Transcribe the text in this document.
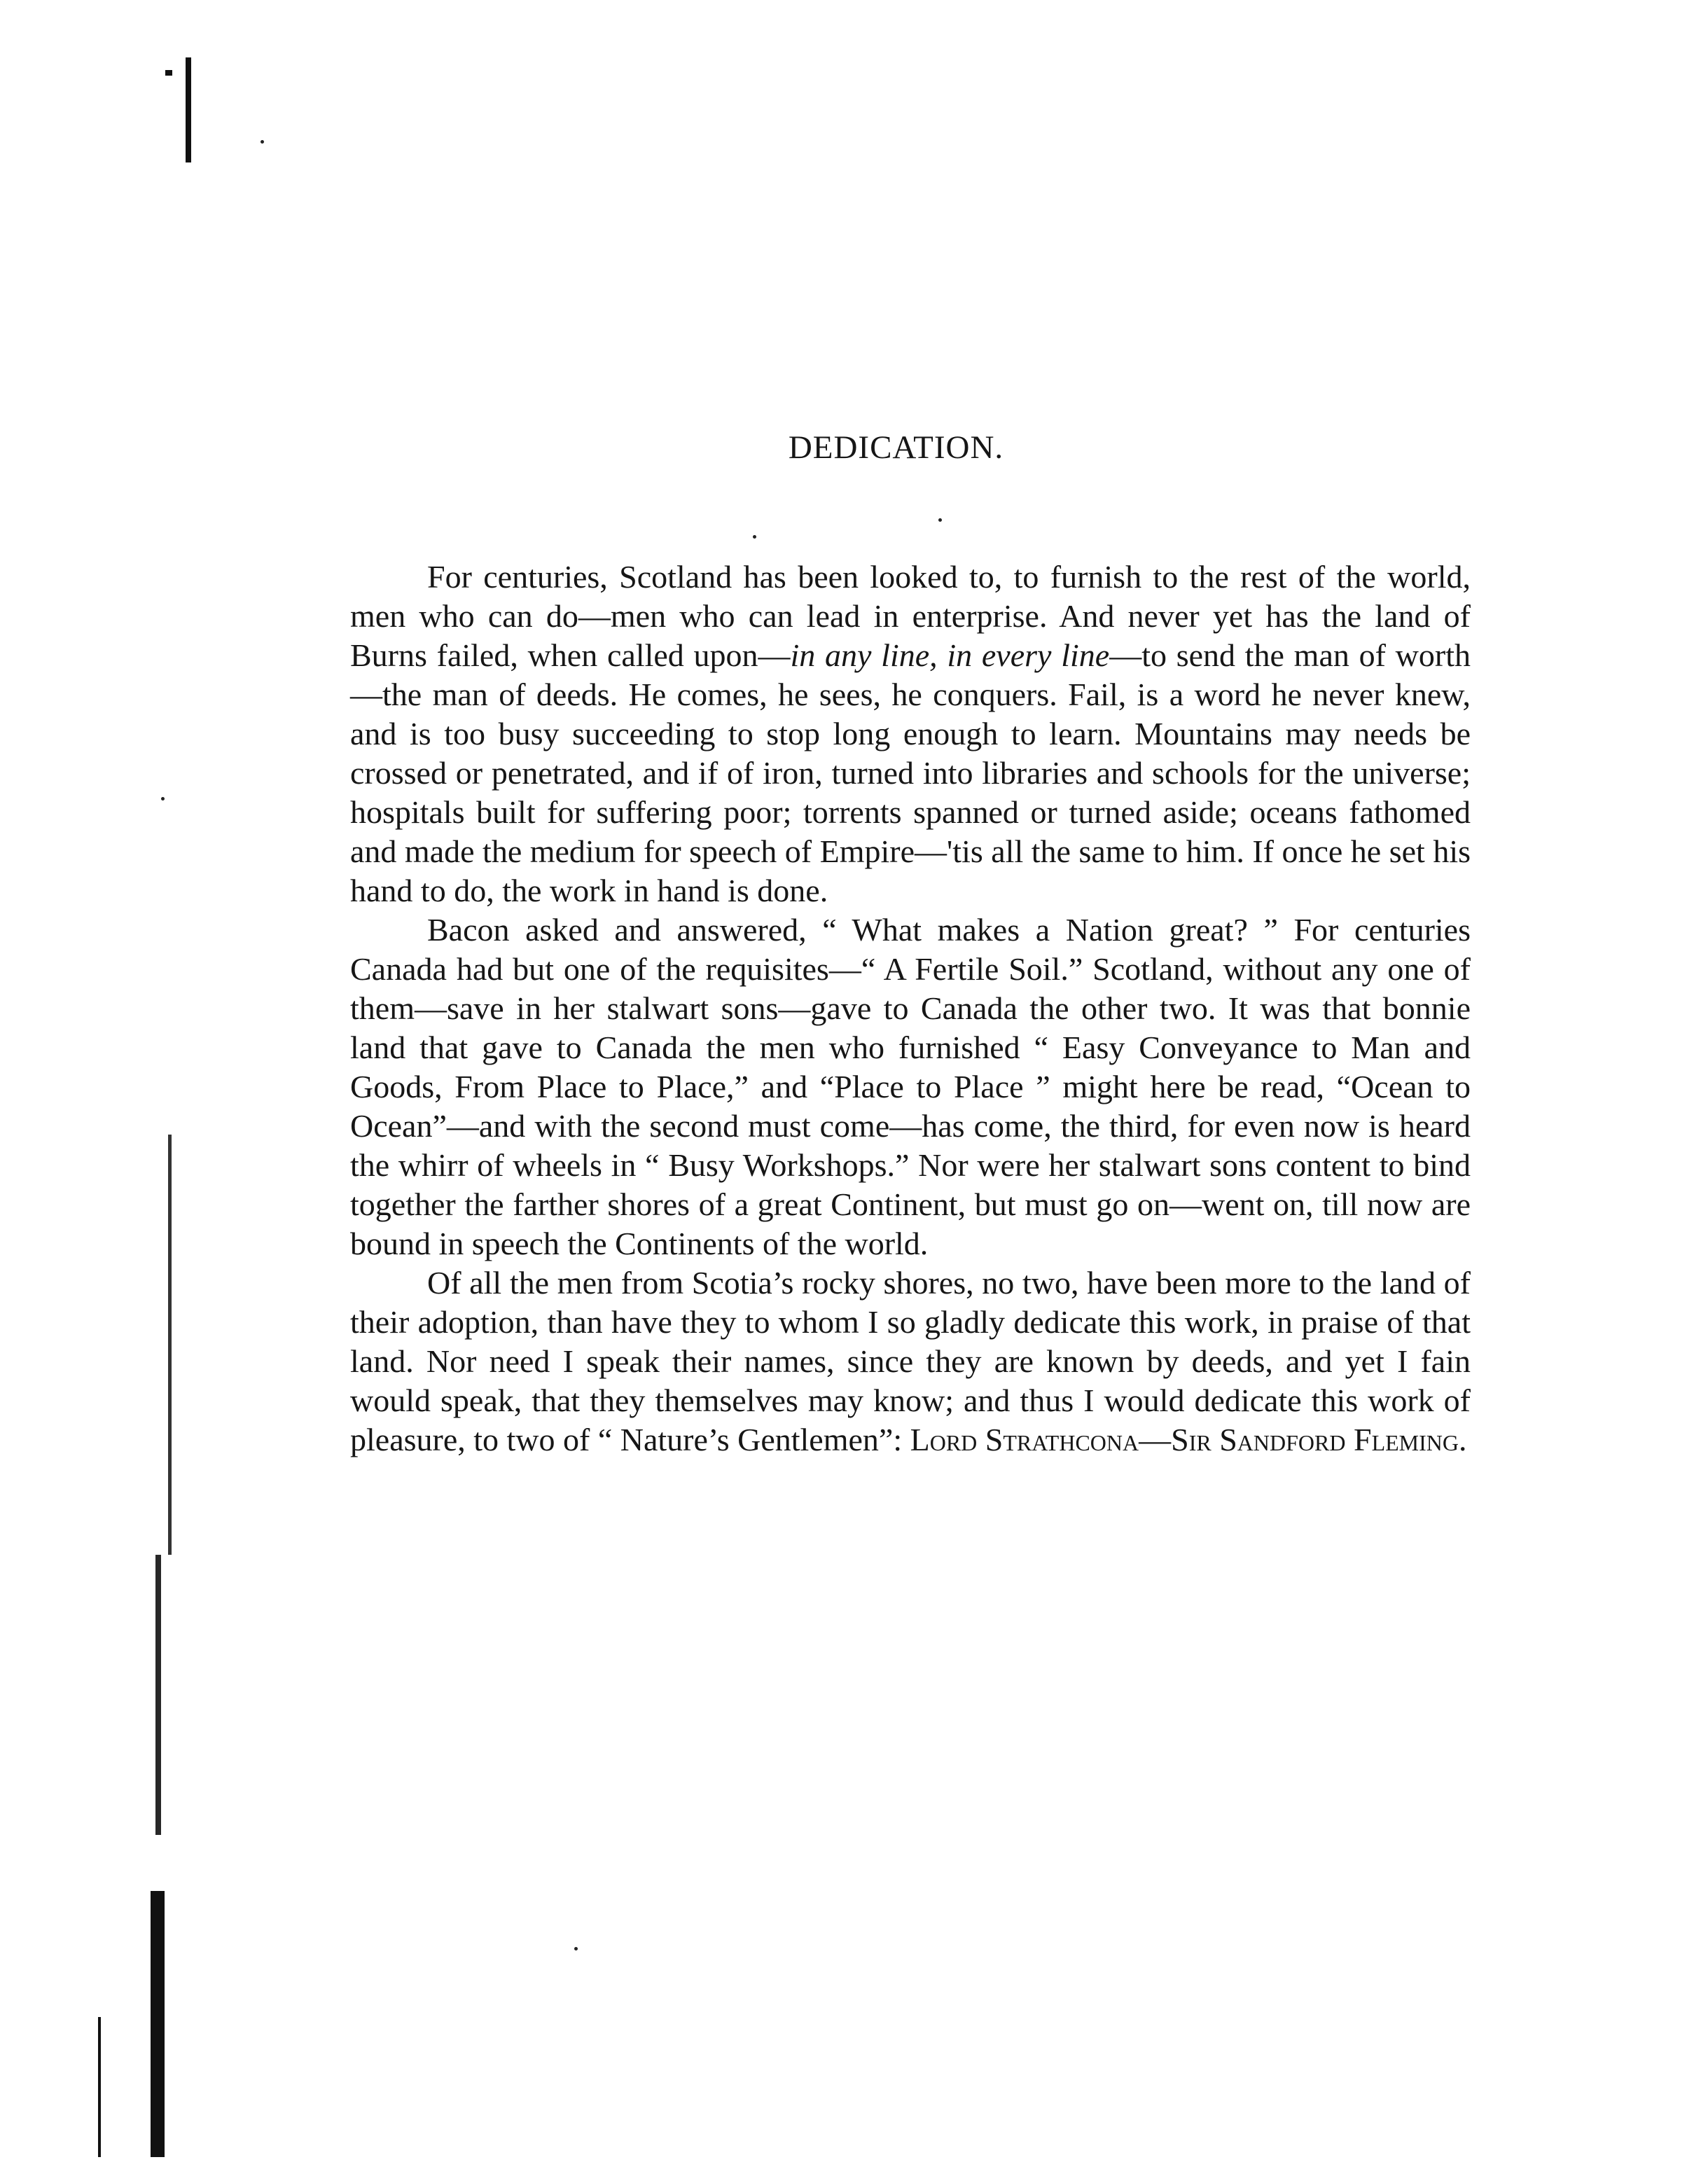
DEDICATION.

For centuries, Scotland has been looked to, to furnish to the rest of the world, men who can do—men who can lead in enterprise. And never yet has the land of Burns failed, when called upon—in any line, in every line—to send the man of worth—the man of deeds. He comes, he sees, he conquers. Fail, is a word he never knew, and is too busy succeeding to stop long enough to learn. Mountains may needs be crossed or penetrated, and if of iron, turned into libraries and schools for the universe; hospitals built for suffering poor; torrents spanned or turned aside; oceans fathomed and made the medium for speech of Empire—'tis all the same to him. If once he set his hand to do, the work in hand is done.

Bacon asked and answered, “ What makes a Nation great? ” For centuries Canada had but one of the requisites—“ A Fertile Soil.” Scotland, without any one of them—save in her stalwart sons—gave to Canada the other two. It was that bonnie land that gave to Canada the men who furnished “ Easy Conveyance to Man and Goods, From Place to Place,” and “Place to Place ” might here be read, “Ocean to Ocean”—and with the second must come—has come, the third, for even now is heard the whirr of wheels in “ Busy Workshops.” Nor were her stalwart sons content to bind together the farther shores of a great Continent, but must go on—went on, till now are bound in speech the Continents of the world.

Of all the men from Scotia’s rocky shores, no two, have been more to the land of their adoption, than have they to whom I so gladly dedicate this work, in praise of that land. Nor need I speak their names, since they are known by deeds, and yet I fain would speak, that they themselves may know; and thus I would dedicate this work of pleasure, to two of “ Nature’s Gentlemen”: Lord Strathcona—Sir Sandford Fleming.
